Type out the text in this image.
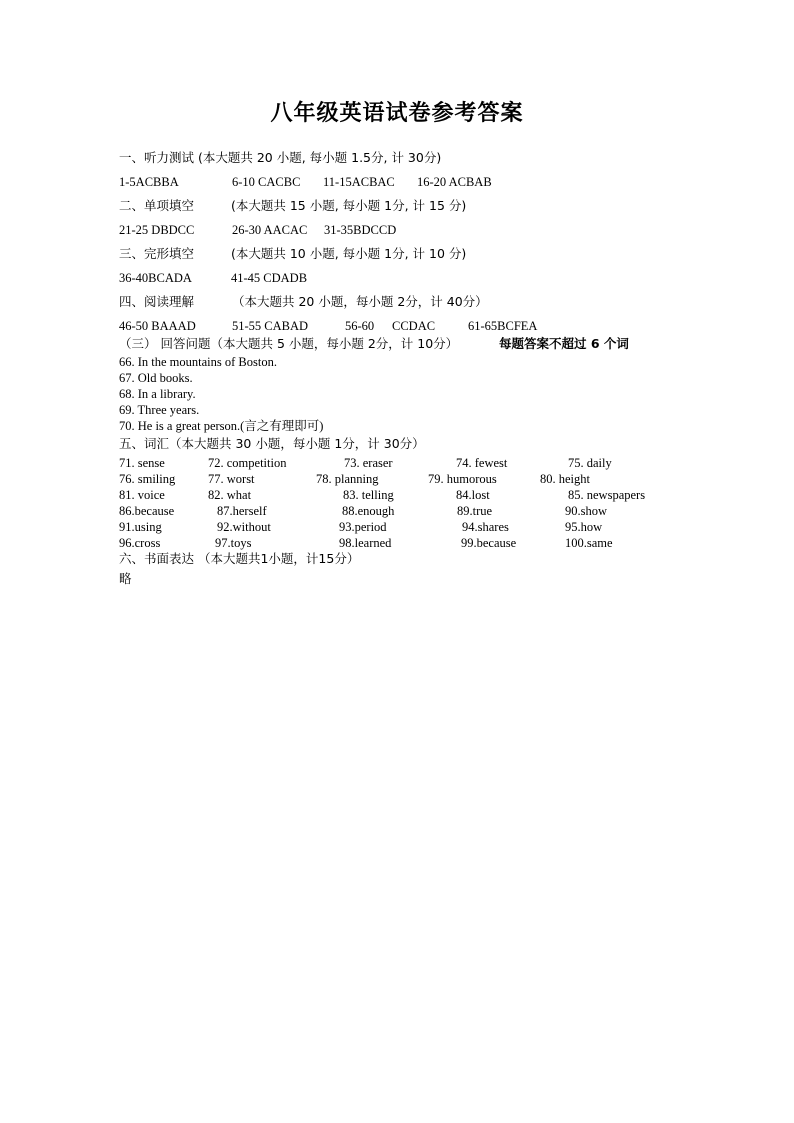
八年级英语试卷参考答案
一、听力测试 (本大题共 20 小题, 每小题 1.5分, 计 30分)
1-5ACBBA	6-10 CACBC 11-15ACBAC 16-20 ACBAB
二、单项填空	(本大题共 15 小题, 每小题 1分, 计 15 分)
21-25 DBDCC	26-30 AACAC 31-35BDCCD
三、完形填空	(本大题共 10 小题, 每小题 1分, 计 10 分)
36-40BCADA	41-45 CDADB
四、阅读理解	（本大题共 20 小题，每小题 2分，计 40分）
46-50 BAAAD	51-55 CABAD	56-60 CCDAC	61-65BCFEA
（三） 回答问题（本大题共 5 小题，每小题 2分，计 10分）	每题答案不超过 6 个词
66. In the mountains of Boston.
67. Old books.
68. In a library.
69. Three years.
70. He is a great person.(言之有理即可)
五、词汇（本大题共 30 小题，每小题 1分，计 30分）
71. sense	72. competition	73. eraser	74. fewest	75. daily
76. smiling	77. worst	78. planning	79. humorous	80. height
81. voice	82. what	83. telling	84.lost	85. newspapers
86.because	87.herself	88.enough	89.true	90.show
91.using	92.without	93.period	94.shares	95.how
96.cross	97.toys	98.learned	99.because	100.same
六、书面表达 （本大题共1小题，计15分）
略
